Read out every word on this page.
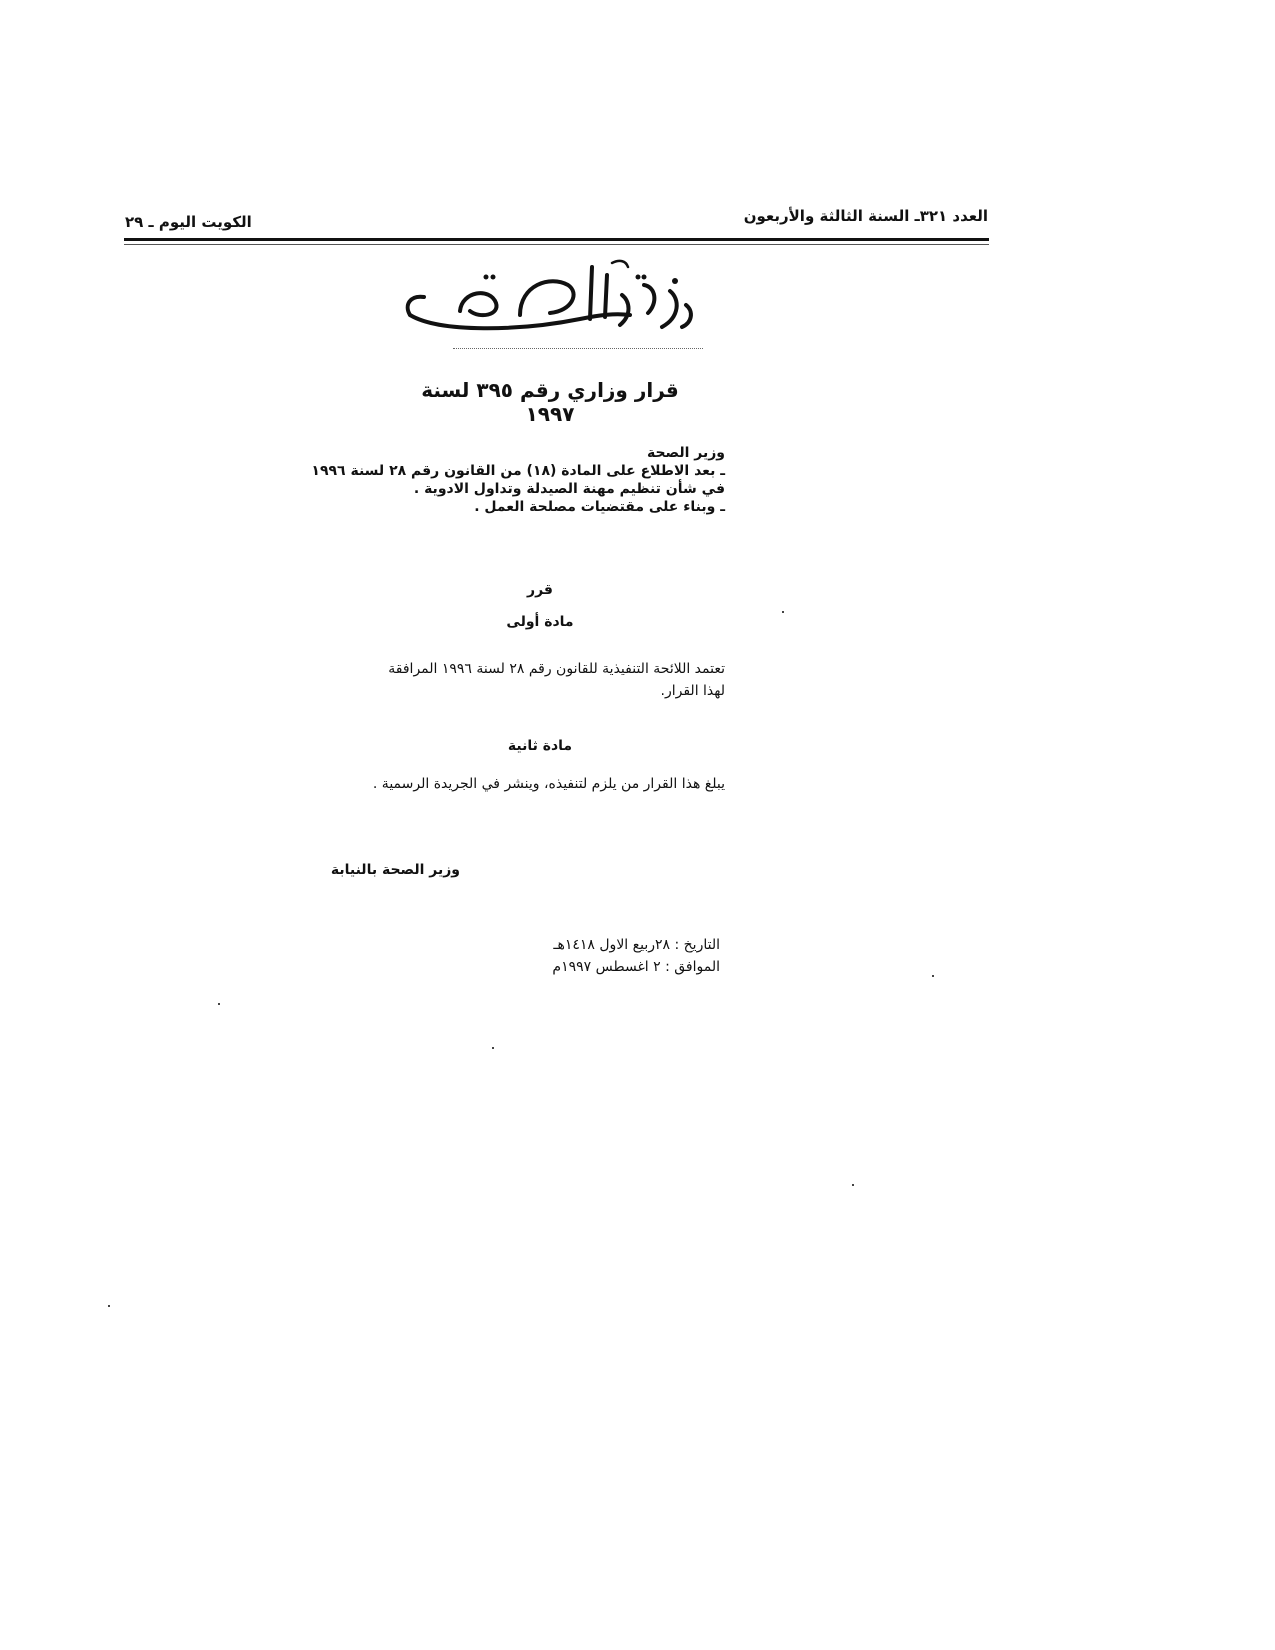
العدد ٣٢١ـ السنة الثالثة والأربعون
الكويت اليوم ـ ٢٩
قرار وزاري رقم ٣٩٥ لسنة ١٩٩٧
وزير الصحة
ـ بعد الاطلاع على المادة (١٨) من القانون رقم ٢٨ لسنة ١٩٩٦
في شأن تنظيم مهنة الصيدلة وتداول الادوية .
ـ وبناء على مقتضيات مصلحة العمل .
قرر
مادة أولى
تعتمد اللائحة التنفيذية للقانون رقم ٢٨ لسنة ١٩٩٦ المرافقة
لهذا القرار.
مادة ثانية
يبلغ هذا القرار من يلزم لتنفيذه، وينشر في الجريدة الرسمية .
وزير الصحة بالنيابة
التاريخ : ٢٨ربيع الاول ١٤١٨هـ
الموافق : ٢ اغسطس ١٩٩٧م
